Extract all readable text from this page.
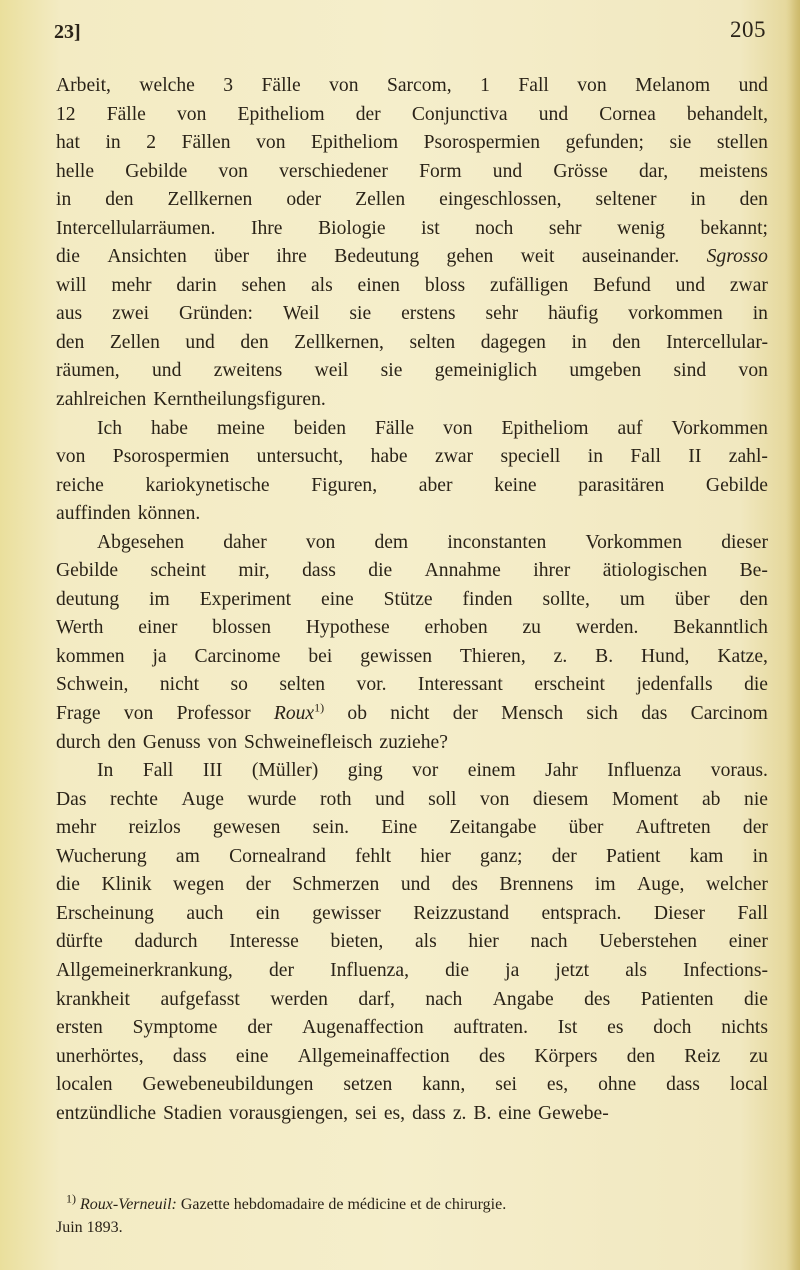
23]	205
Arbeit, welche 3 Fälle von Sarcom, 1 Fall von Melanom und
12 Fälle von Epitheliom der Conjunctiva und Cornea behandelt,
hat in 2 Fällen von Epitheliom Psorospermien gefunden; sie stellen
helle Gebilde von verschiedener Form und Grösse dar, meistens
in den Zellkernen oder Zellen eingeschlossen, seltener in den
Intercellularräumen. Ihre Biologie ist noch sehr wenig bekannt;
die Ansichten über ihre Bedeutung gehen weit auseinander. Sgrosso
will mehr darin sehen als einen bloss zufälligen Befund und zwar
aus zwei Gründen: Weil sie erstens sehr häufig vorkommen in
den Zellen und den Zellkernen, selten dagegen in den Intercellular-
räumen, und zweitens weil sie gemeiniglich umgeben sind von
zahlreichen Kerntheilungsfiguren.
Ich habe meine beiden Fälle von Epitheliom auf Vorkommen
von Psorospermien untersucht, habe zwar speciell in Fall II zahl-
reiche kariokynetische Figuren, aber keine parasitären Gebilde
auffinden können.
Abgesehen daher von dem inconstanten Vorkommen dieser
Gebilde scheint mir, dass die Annahme ihrer ätiologischen Be-
deutung im Experiment eine Stütze finden sollte, um über den
Werth einer blossen Hypothese erhoben zu werden. Bekanntlich
kommen ja Carcinome bei gewissen Thieren, z. B. Hund, Katze,
Schwein, nicht so selten vor. Interessant erscheint jedenfalls die
Frage von Professor Roux$^{1)}$ ob nicht der Mensch sich das Carcinom
durch den Genuss von Schweinefleisch zuziehe?
In Fall III (Müller) ging vor einem Jahr Influenza voraus.
Das rechte Auge wurde roth und soll von diesem Moment ab nie
mehr reizlos gewesen sein. Eine Zeitangabe über Auftreten der
Wucherung am Cornealrand fehlt hier ganz; der Patient kam in
die Klinik wegen der Schmerzen und des Brennens im Auge, welcher
Erscheinung auch ein gewisser Reizzustand entsprach. Dieser Fall
dürfte dadurch Interesse bieten, als hier nach Ueberstehen einer
Allgemeinerkrankung, der Influenza, die ja jetzt als Infections-
krankheit aufgefasst werden darf, nach Angabe des Patienten die
ersten Symptome der Augenaffection auftraten. Ist es doch nichts
unerhörtes, dass eine Allgemeinaffection des Körpers den Reiz zu
localen Gewebeneubildungen setzen kann, sei es, ohne dass local
entzündliche Stadien vorausgiengen, sei es, dass z. B. eine Gewebe-
$^{1)}$ Roux-Verneuil: Gazette hebdomadaire de médicine et de chirurgie.
Juin 1893.
